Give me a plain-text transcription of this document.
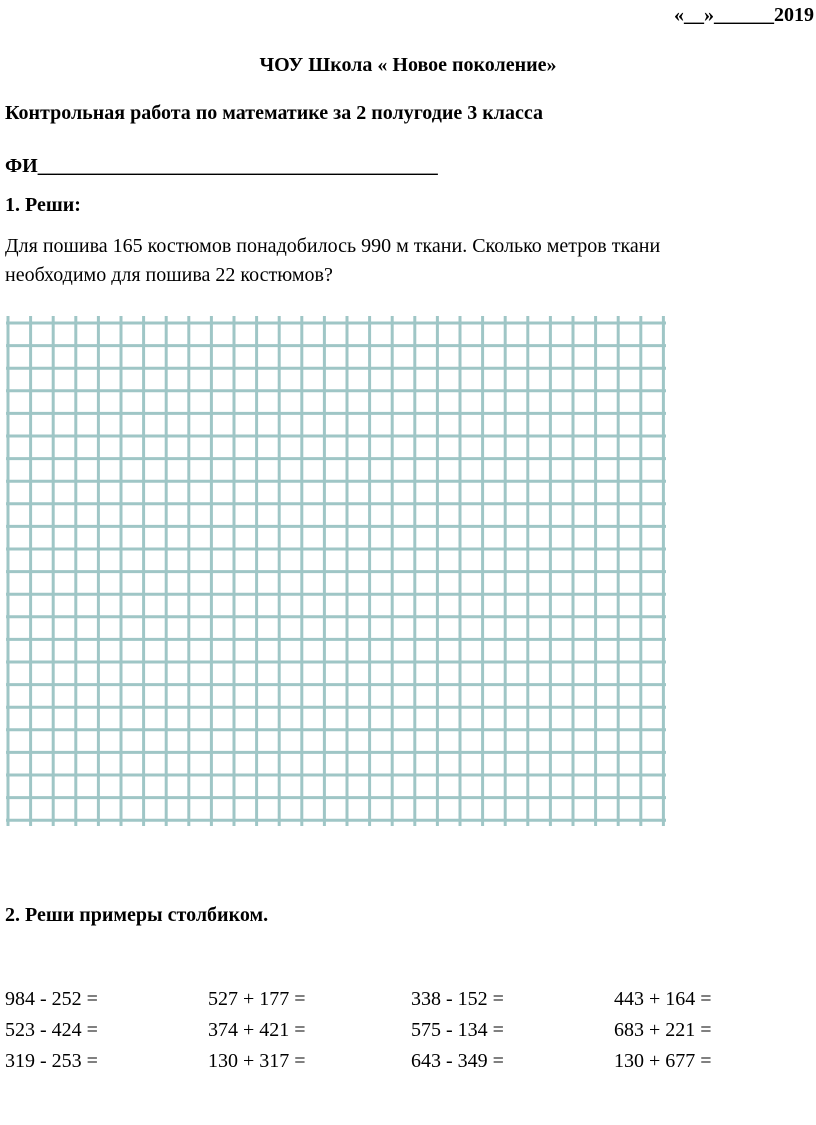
«__»______2019
ЧОУ Школа « Новое поколение»
Контрольная работа по математике за 2 полугодие 3 класса
ФИ________________________________________
1. Реши:
Для пошива 165 костюмов понадобилось 990 м ткани. Сколько метров ткани
необходимо для пошива 22 костюмов?
2. Реши примеры столбиком.
984 - 252 =	527 + 177 =	338 - 152 =	443 + 164 =
523 - 424 =	374 + 421 =	575 - 134 =	683 + 221 =
319 - 253 =	130 + 317 =	643 - 349 =	130 + 677 =
